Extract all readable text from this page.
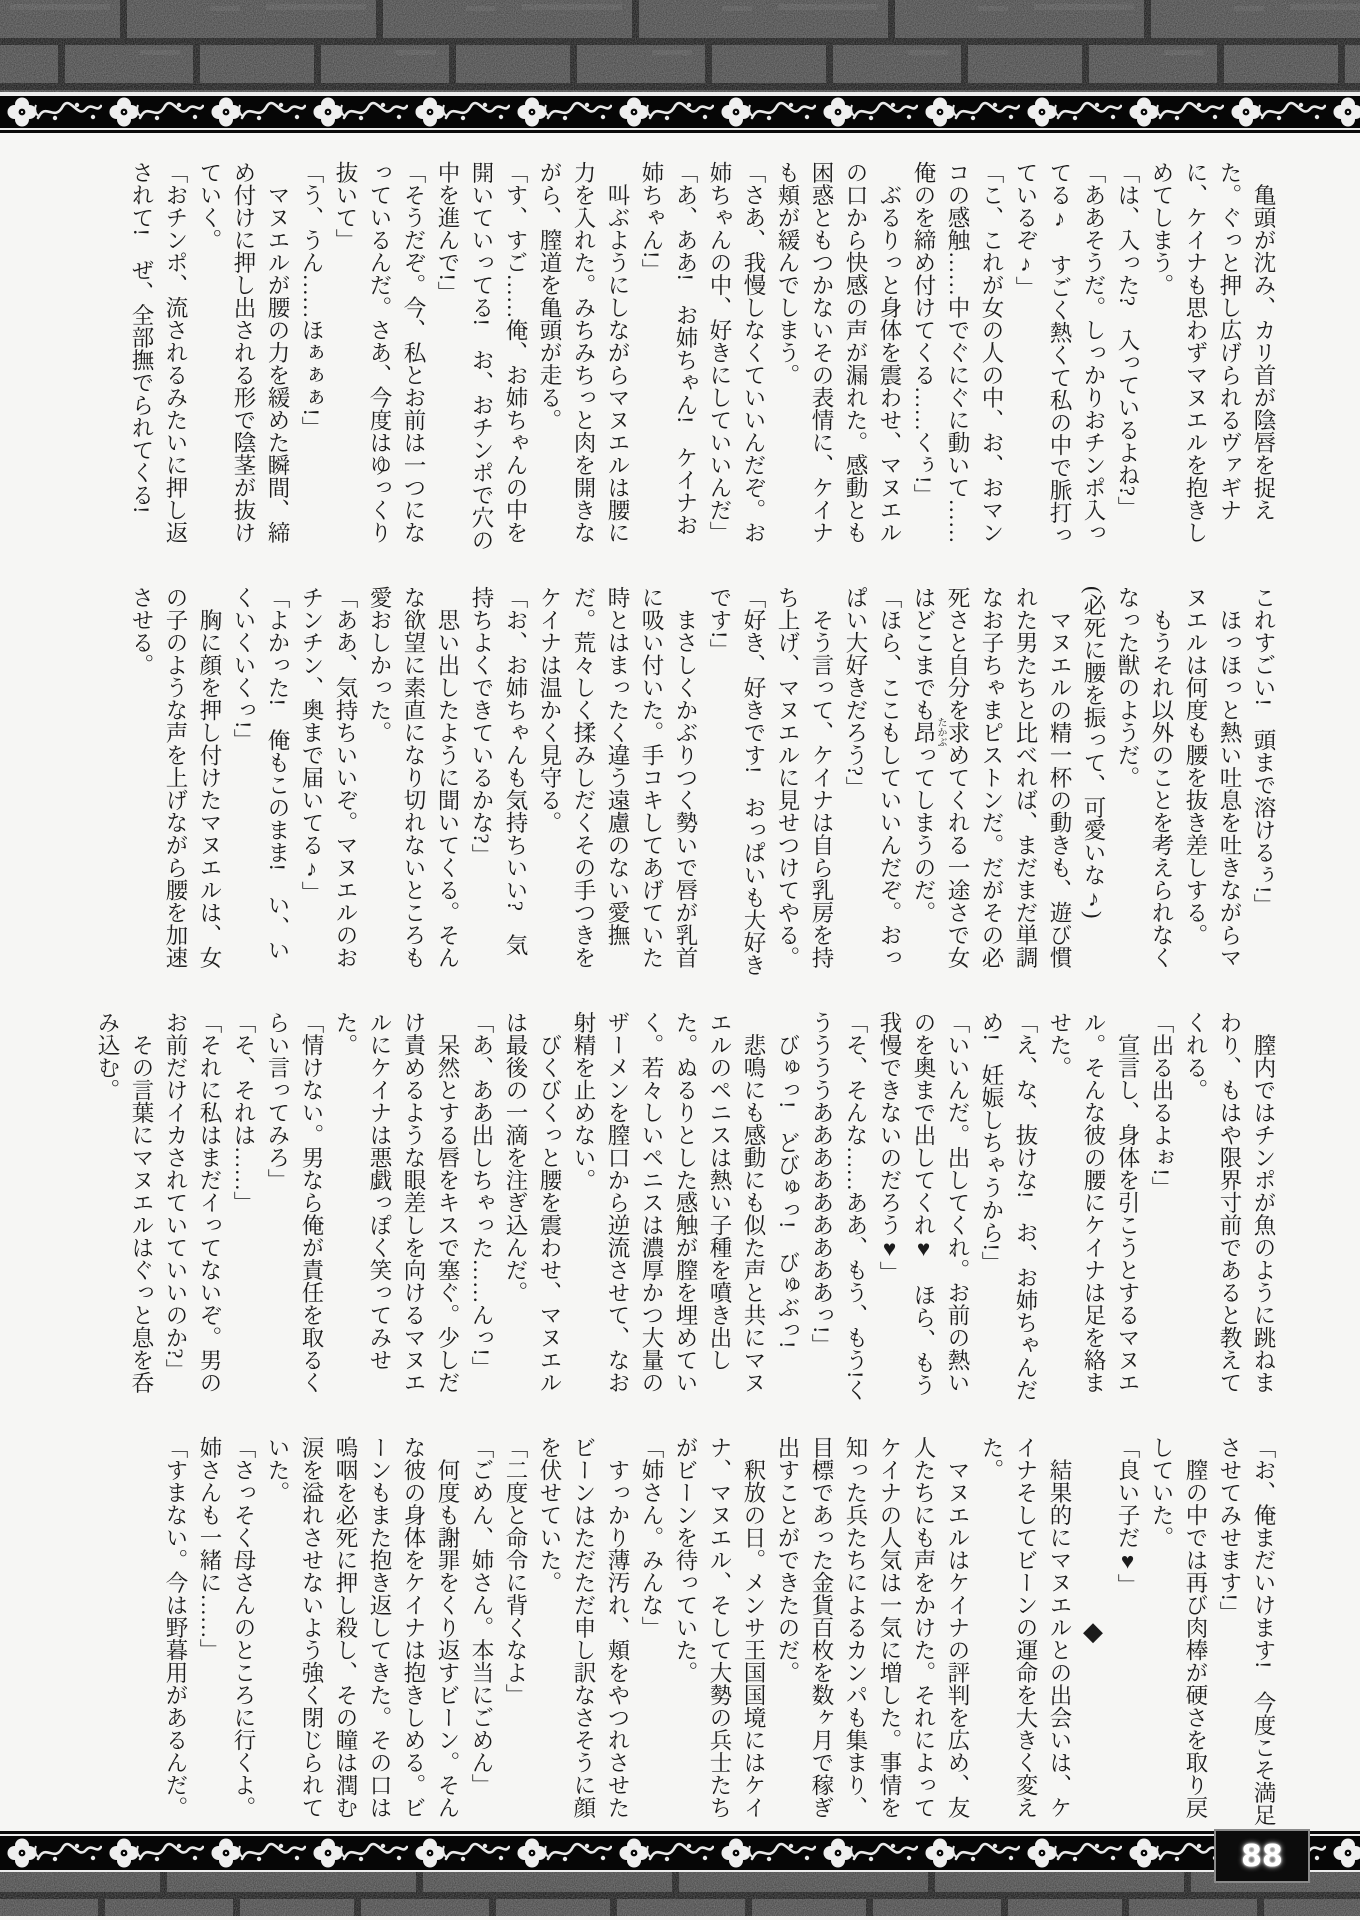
　亀頭が沈み、カリ首が陰唇を捉えた。ぐっと押し広げられるヴァギナに、ケイナも思わずマヌエルを抱きしめてしまう。

「は、入った?　入っているよね?」

「ああそうだ。しっかりおチンポ入ってる♪　すごく熱くて私の中で脈打っているぞ♪」

「こ、これが女の人の中、お、おマンコの感触……中でぐにぐに動いて……俺のを締め付けてくる……くぅ!」

　ぶるりっと身体を震わせ、マヌエルの口から快感の声が漏れた。感動とも困惑ともつかないその表情に、ケイナも頬が緩んでしまう。

「さあ、我慢しなくていいんだぞ。お姉ちゃんの中、好きにしていいんだ」

「あ、ああ!　お姉ちゃん!　ケイナお姉ちゃん!」

　叫ぶようにしながらマヌエルは腰に力を入れた。みちみちっと肉を開きながら、膣道を亀頭が走る。

「す、すご……俺、お姉ちゃんの中を開いていってる!　お、おチンポで穴の中を進んで!」

「そうだぞ。今、私とお前は一つになっているんだ。さあ、今度はゆっくり抜いて」

「う、うん……ほぁぁぁ!」

　マヌエルが腰の力を緩めた瞬間、締め付けに押し出される形で陰茎が抜けていく。

「おチンポ、流されるみたいに押し返されて!　ぜ、全部撫でられてくる!

これすごい!　頭まで溶けるぅ!」

　ほっほっと熱い吐息を吐きながらマヌエルは何度も腰を抜き差しする。

　もうそれ以外のことを考えられなくなった獣のようだ。

(必死に腰を振って、可愛いな♪)

　マヌエルの精一杯の動きも、遊び慣れた男たちと比べれば、まだまだ単調なお子ちゃまピストンだ。だがその必死さと自分を求めてくれる一途さで女はどこまでも昂 たかぶってしまうのだ。

「ほら、ここもしていいんだぞ。おっぱい大好きだろう?」

　そう言って、ケイナは自ら乳房を持ち上げ、マヌエルに見せつけてやる。

「好き、好きです!　おっぱいも大好きです!」

　まさしくかぶりつく勢いで唇が乳首に吸い付いた。手コキしてあげていた時とはまったく違う遠慮のない愛撫だ。荒々しく揉みしだくその手つきをケイナは温かく見守る。

「お、お姉ちゃんも気持ちいい?　気持ちよくできているかな?」

　思い出したように聞いてくる。そんな欲望に素直になり切れないところも愛おしかった。

「ああ、気持ちいいぞ。マヌエルのおチンチン、奥まで届いてる♪」

「よかった!　俺もこのまま!　い、いくいくいくっ!」

　胸に顔を押し付けたマヌエルは、女の子のような声を上げながら腰を加速させる。

　膣内ではチンポが魚のように跳ねまわり、もはや限界寸前であると教えてくれる。

「出る出るよぉ!」

　宣言し、身体を引こうとするマヌエル。そんな彼の腰にケイナは足を絡ませた。

「え、な、抜けな!　お、お姉ちゃんだめ!　妊娠しちゃうから!」

「いいんだ。出してくれ。お前の熱いのを奥まで出してくれ♥　ほら、もう我慢できないのだろう♥」

「そ、そんな……ああ、もう、もう!くううううあああああああああっ!」

　びゅっ!　どびゅっ!　びゅぶっ!

　悲鳴にも感動にも似た声と共にマヌエルのペニスは熱い子種を噴き出した。ぬるりとした感触が膣を埋めていく。若々しいペニスは濃厚かつ大量のザーメンを膣口から逆流させて、なお射精を止めない。

　びくびくっと腰を震わせ、マヌエルは最後の一滴を注ぎ込んだ。

「あ、ああ出しちゃった……んっ!」

　呆然とする唇をキスで塞ぐ。少しだけ責めるような眼差しを向けるマヌエルにケイナは悪戯っぽく笑ってみせた。

「情けない。男なら俺が責任を取るくらい言ってみろ」

「そ、それは……」

「それに私はまだイってないぞ。男のお前だけイカされていていいのか?」

　その言葉にマヌエルはぐっと息を呑み込む。

「お、俺まだいけます!　今度こそ満足させてみせます!」

　膣の中では再び肉棒が硬さを取り戻していた。

「良い子だ♥」

◆

　結果的にマヌエルとの出会いは、ケイナそしてビーンの運命を大きく変えた。

　マヌエルはケイナの評判を広め、友人たちにも声をかけた。それによってケイナの人気は一気に増した。事情を知った兵たちによるカンパも集まり、目標であった金貨百枚を数ヶ月で稼ぎ出すことができたのだ。

　釈放の日。メンサ王国国境にはケイナ、マヌエル、そして大勢の兵士たちがビーンを待っていた。

「姉さん。みんな」

　すっかり薄汚れ、頬をやつれさせたビーンはただただ申し訳なさそうに顔を伏せていた。

「二度と命令に背くなよ」

「ごめん、姉さん。本当にごめん」

　何度も謝罪をくり返すビーン。そんな彼の身体をケイナは抱きしめる。ビーンもまた抱き返してきた。その口は嗚咽を必死に押し殺し、その瞳は潤む涙を溢れさせないよう強く閉じられていた。

「さっそく母さんのところに行くよ。姉さんも一緒に……」

「すまない。今は野暮用があるんだ。

88
